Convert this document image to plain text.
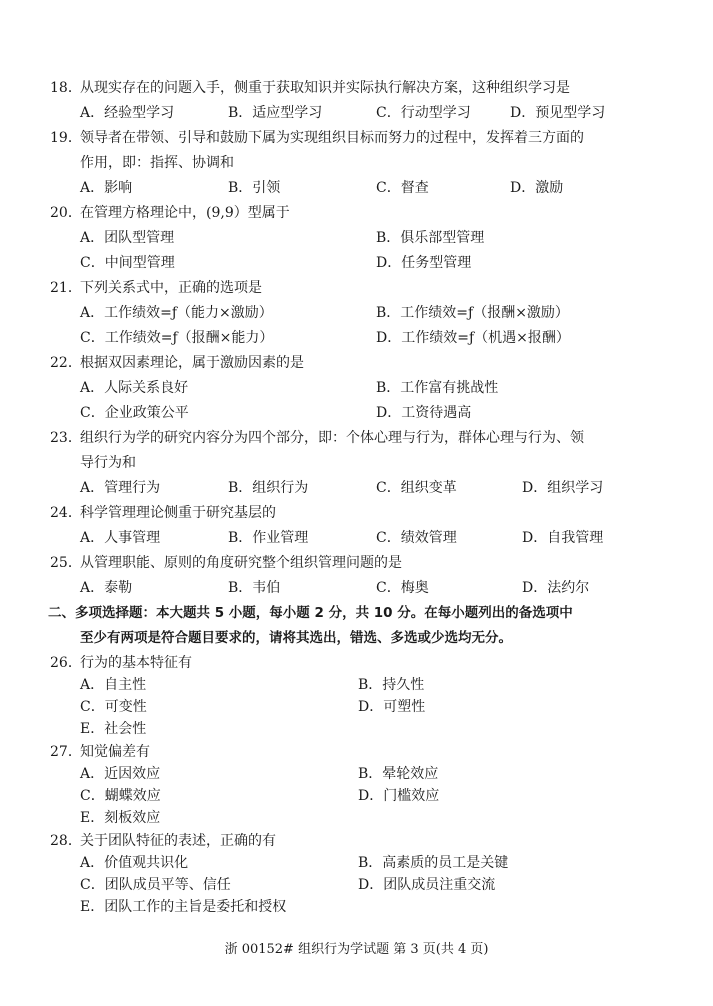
18．从现实存在的问题入手，侧重于获取知识并实际执行解决方案，这种组织学习是
A．经验型学习	B．适应型学习	C．行动型学习	D．预见型学习
19．领导者在带领、引导和鼓励下属为实现组织目标而努力的过程中，发挥着三方面的
作用，即：指挥、协调和
A．影响	B．引领	C．督查	D．激励
20．在管理方格理论中，(9,9）型属于
A．团队型管理	B．俱乐部型管理
C．中间型管理	D．任务型管理
21．下列关系式中，正确的选项是
A．工作绩效=ƒ（能力×激励）	B．工作绩效=ƒ（报酬×激励）
C．工作绩效=ƒ（报酬×能力）	D．工作绩效=ƒ（机遇×报酬）
22．根据双因素理论，属于激励因素的是
A．人际关系良好	B．工作富有挑战性
C．企业政策公平	D．工资待遇高
23．组织行为学的研究内容分为四个部分，即：个体心理与行为，群体心理与行为、领
导行为和
A．管理行为	B．组织行为	C．组织变革	D．组织学习
24．科学管理理论侧重于研究基层的
A．人事管理	B．作业管理	C．绩效管理	D．自我管理
25．从管理职能、原则的角度研究整个组织管理问题的是
A．泰勒	B．韦伯	C．梅奥	D．法约尔
二、多项选择题：本大题共 5 小题，每小题 2 分，共 10 分。在每小题列出的备选项中
至少有两项是符合题目要求的，请将其选出，错选、多选或少选均无分。
26．行为的基本特征有
A．自主性	B．持久性
C．可变性	D．可塑性
E．社会性
27．知觉偏差有
A．近因效应	B．晕轮效应
C．蝴蝶效应	D．门槛效应
E．刻板效应
28．关于团队特征的表述，正确的有
A．价值观共识化	B．高素质的员工是关键
C．团队成员平等、信任	D．团队成员注重交流
E．团队工作的主旨是委托和授权
浙 00152# 组织行为学试题 第 3 页(共 4 页)
